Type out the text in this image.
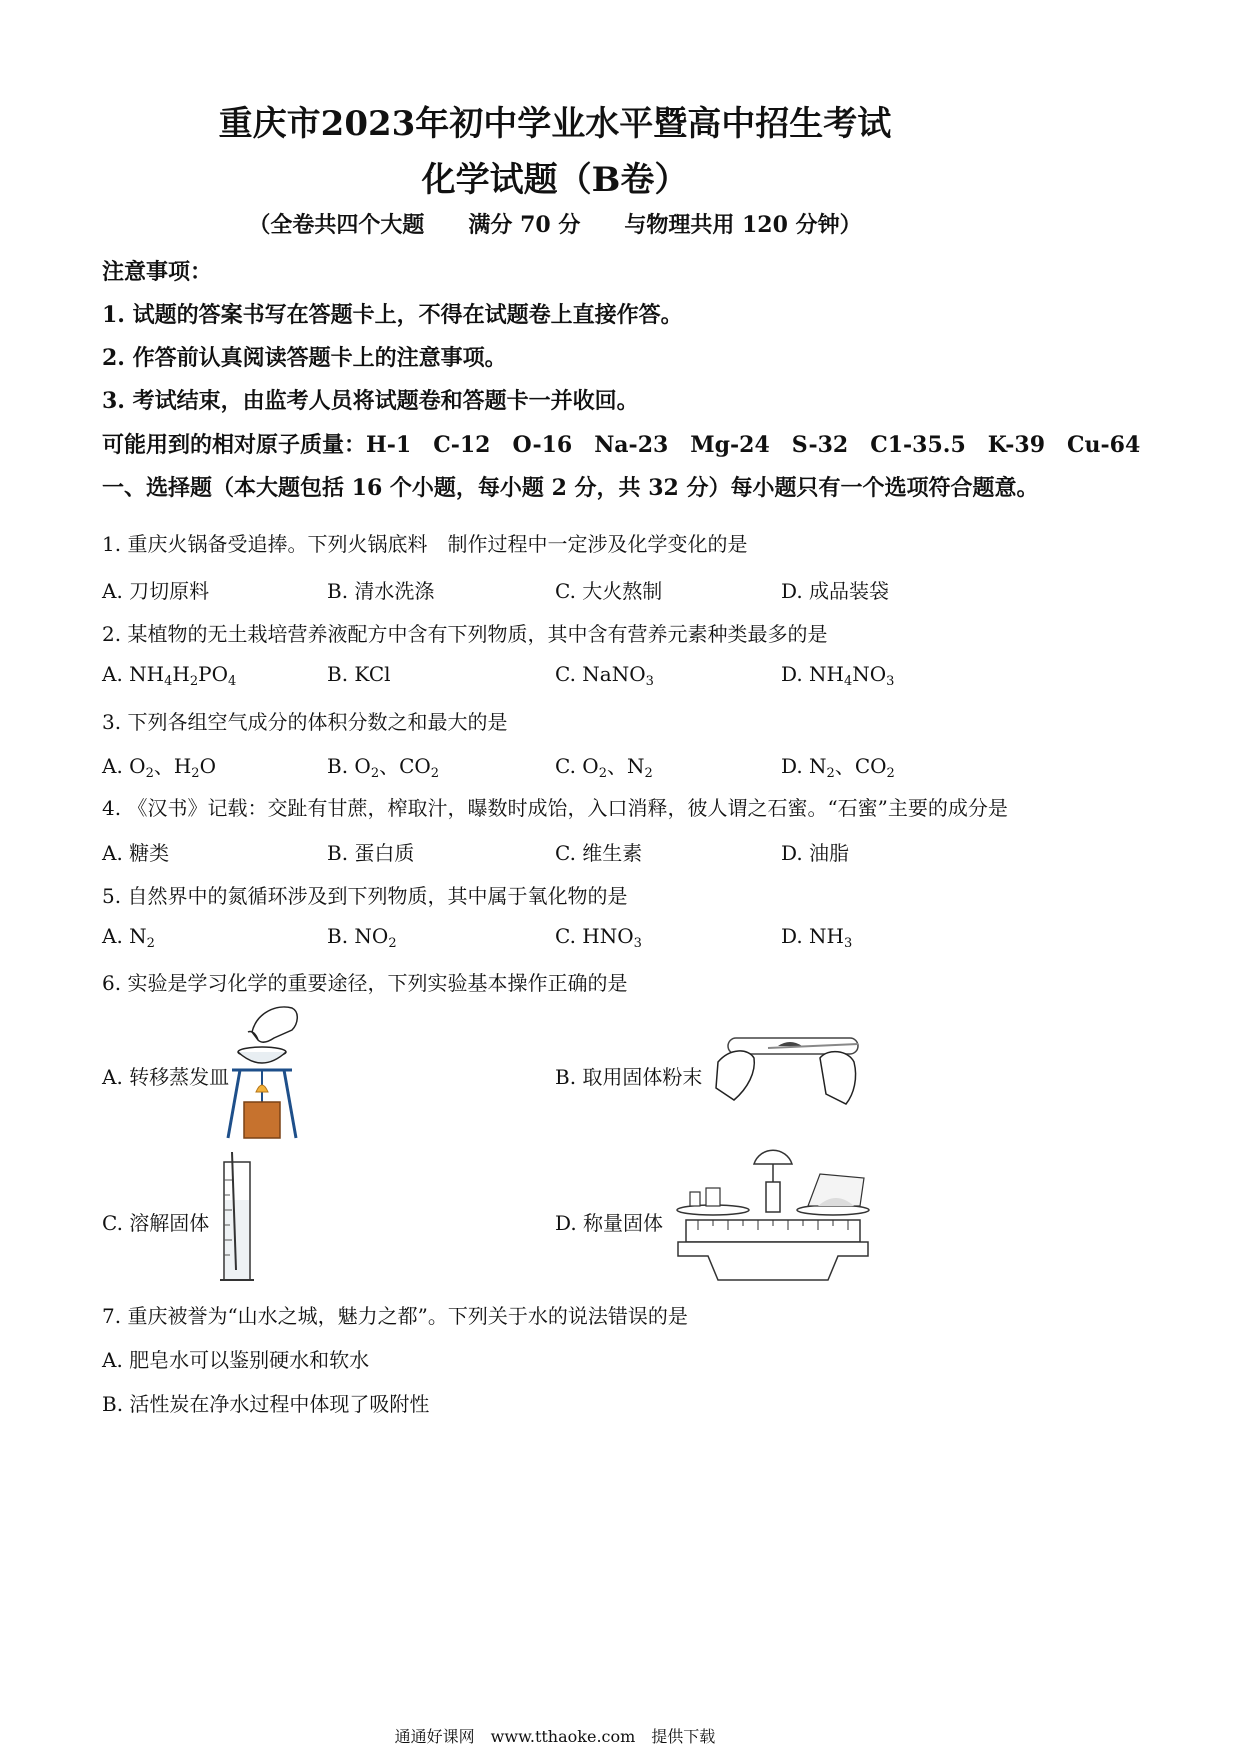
重庆市2023年初中学业水平暨高中招生考试
化学试题（B卷）
（全卷共四个大题　　满分 70 分　　与物理共用 120 分钟）
注意事项：
1. 试题的答案书写在答题卡上，不得在试题卷上直接作答。
2. 作答前认真阅读答题卡上的注意事项。
3. 考试结束，由监考人员将试题卷和答题卡一并收回。
可能用到的相对原子质量：H-1　C-12　O-16　Na-23　Mg-24　S-32　C1-35.5　K-39　Cu-64
一、选择题（本大题包括 16 个小题，每小题 2 分，共 32 分）每小题只有一个选项符合题意。
1. 重庆火锅备受追捧。下列火锅底料　制作过程中一定涉及化学变化的是
A. 刀切原料	B. 清水洗涤	C. 大火熬制	D. 成品装袋
2. 某植物的无土栽培营养液配方中含有下列物质，其中含有营养元素种类最多的是
A. $NH_4H_2PO_4$	B. KCl	C. NaNO$_3$	D. $NH_4NO_3$
3. 下列各组空气成分的体积分数之和最大的是
A. $O_2$、$H_2O$	B. $O_2$、$CO_2$	C. $O_2$、$N_2$	D. $N_2$、$CO_2$
4. 《汉书》记载：交趾有甘蔗，榨取汁，曝数时成饴，入口消释，彼人谓之石蜜。“石蜜”主要的成分是
A. 糖类	B. 蛋白质	C. 维生素	D. 油脂
5. 自然界中的氮循环涉及到下列物质，其中属于氧化物的是
A. $N_2$	B. $NO_2$	C. $HNO_3$	D. $NH_3$
6. 实验是学习化学的重要途径，下列实验基本操作正确的是
A. 转移蒸发皿	B. 取用固体粉末
C. 溶解固体	D. 称量固体
7. 重庆被誉为“山水之城，魅力之都”。下列关于水的说法错误的是
A. 肥皂水可以鉴别硬水和软水
B. 活性炭在净水过程中体现了吸附性
通通好课网　www.tthaoke.com　提供下载
